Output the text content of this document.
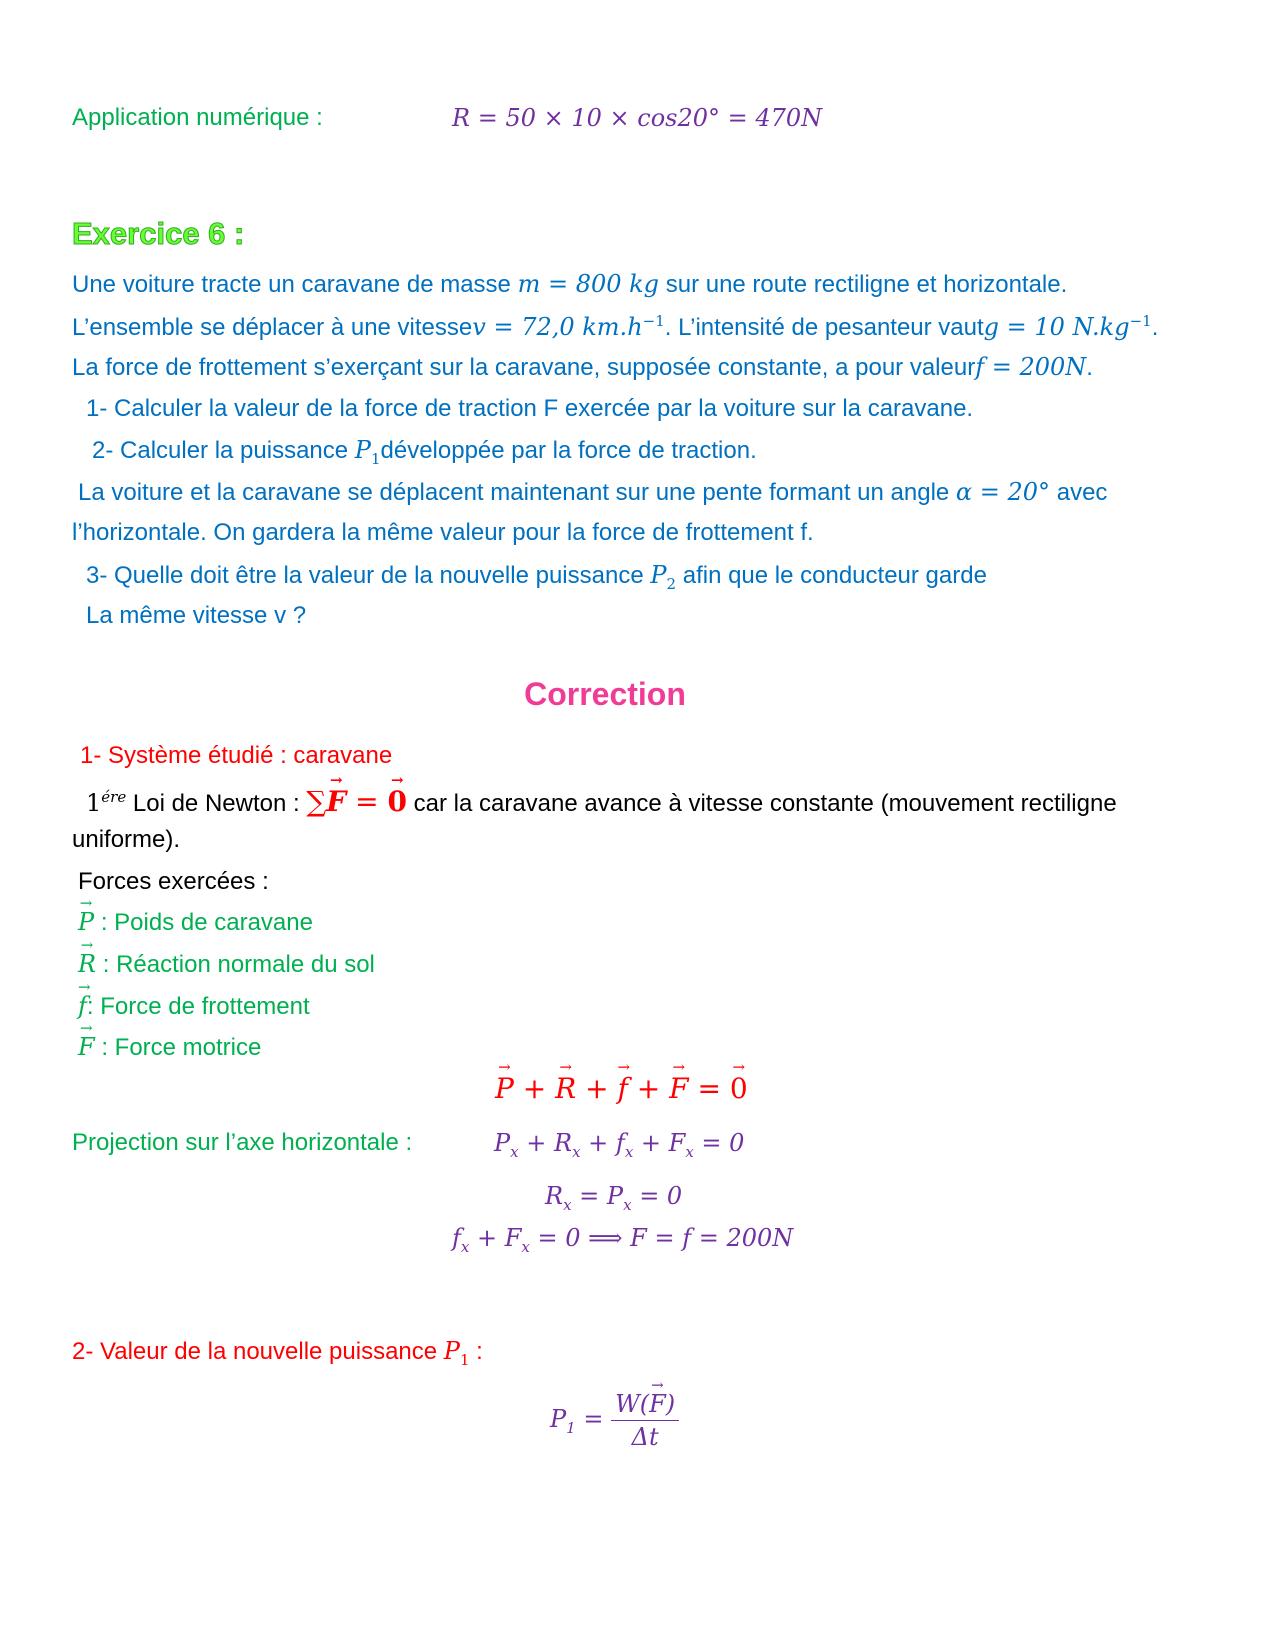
Application numérique :	R = 50 × 10 × cos20° = 470N
Exercice 6 :
Une voiture tracte un caravane de masse m = 800 kg sur une route rectiligne et horizontale.
L’ensemble se déplacer à une vitessev = 72,0 $km.h^{-1}$. L’intensité de pesanteur vautg = 10 $N.kg^{-1}$.
La force de frottement s’exerçant sur la caravane, supposée constante, a pour valeurf = 200N.
1- Calculer la valeur de la force de traction F exercée par la voiture sur la caravane.
2- Calculer la puissance $P_1développée$ par la force de traction.
La voiture et la caravane se déplacent maintenant sur une pente formant un angle α = 20° avec
l’horizontale. On gardera la même valeur pour la force de frottement f.
3- Quelle doit être la valeur de la nouvelle puissance $P_2$ afin que le conducteur garde
La même vitesse v ?
Correction
1- Système étudié : caravane
$1^{ére}$ Loi de Newton : ∑→ F = → 0 car la caravane avance à vitesse constante (mouvement rectiligne
uniforme).
Forces exercées :
→ P : Poids de caravane
→ R : Réaction normale du sol
→ f: Force de frottement
→ F : Force motrice
→ P + → R + → f + → F = → 0
Projection sur l’axe horizontale :	$P_x + R_x + f_x + F_x = 0$
$R_x = P_x = 0$
$f_x + F_x = 0$ ⟹ F = f = 200N
2- Valeur de la nouvelle puissance $P_1$ :
$P_1 = \frac{W(\to F)}{\Delta t}$
